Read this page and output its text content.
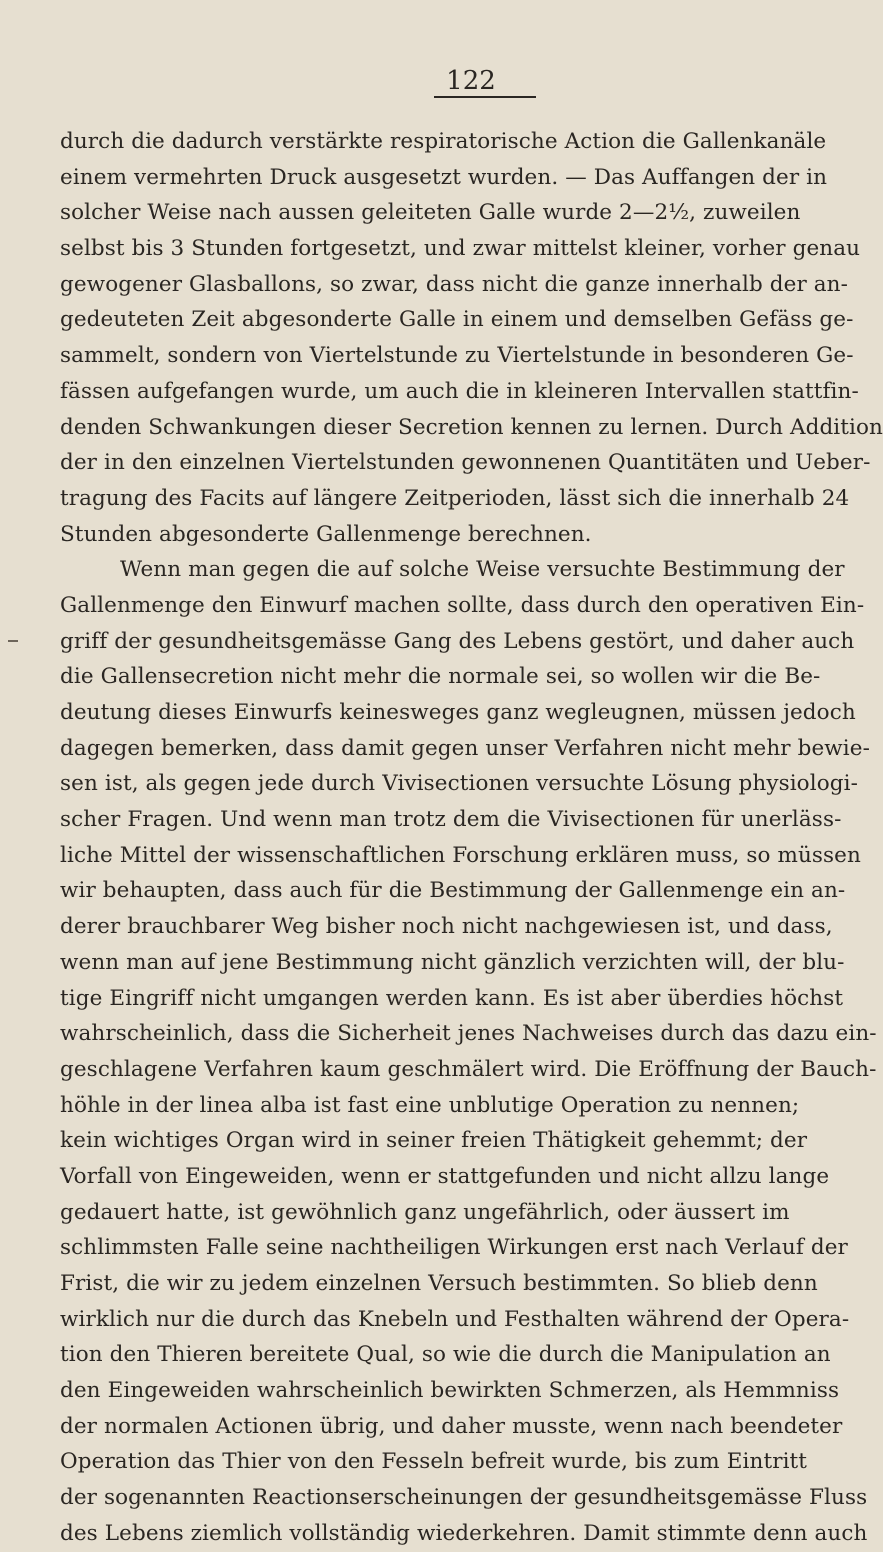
122
durch die dadurch verstärkte respiratorische Action die Gallenkanäle
einem vermehrten Druck ausgesetzt wurden. — Das Auffangen der in
solcher Weise nach aussen geleiteten Galle wurde 2—2½, zuweilen
selbst bis 3 Stunden fortgesetzt, und zwar mittelst kleiner, vorher genau
gewogener Glasballons, so zwar, dass nicht die ganze innerhalb der an-
gedeuteten Zeit abgesonderte Galle in einem und demselben Gefäss ge-
sammelt, sondern von Viertelstunde zu Viertelstunde in besonderen Ge-
fässen aufgefangen wurde, um auch die in kleineren Intervallen stattfin-
denden Schwankungen dieser Secretion kennen zu lernen. Durch Addition
der in den einzelnen Viertelstunden gewonnenen Quantitäten und Ueber-
tragung des Facits auf längere Zeitperioden, lässt sich die innerhalb 24
Stunden abgesonderte Gallenmenge berechnen.
Wenn man gegen die auf solche Weise versuchte Bestimmung der
Gallenmenge den Einwurf machen sollte, dass durch den operativen Ein-
griff der gesundheitsgemässe Gang des Lebens gestört, und daher auch
die Gallensecretion nicht mehr die normale sei, so wollen wir die Be-
deutung dieses Einwurfs keinesweges ganz wegleugnen, müssen jedoch
dagegen bemerken, dass damit gegen unser Verfahren nicht mehr bewie-
sen ist, als gegen jede durch Vivisectionen versuchte Lösung physiologi-
scher Fragen. Und wenn man trotz dem die Vivisectionen für unerläss-
liche Mittel der wissenschaftlichen Forschung erklären muss, so müssen
wir behaupten, dass auch für die Bestimmung der Gallenmenge ein an-
derer brauchbarer Weg bisher noch nicht nachgewiesen ist, und dass,
wenn man auf jene Bestimmung nicht gänzlich verzichten will, der blu-
tige Eingriff nicht umgangen werden kann. Es ist aber überdies höchst
wahrscheinlich, dass die Sicherheit jenes Nachweises durch das dazu ein-
geschlagene Verfahren kaum geschmälert wird. Die Eröffnung der Bauch-
höhle in der linea alba ist fast eine unblutige Operation zu nennen;
kein wichtiges Organ wird in seiner freien Thätigkeit gehemmt; der
Vorfall von Eingeweiden, wenn er stattgefunden und nicht allzu lange
gedauert hatte, ist gewöhnlich ganz ungefährlich, oder äussert im
schlimmsten Falle seine nachtheiligen Wirkungen erst nach Verlauf der
Frist, die wir zu jedem einzelnen Versuch bestimmten. So blieb denn
wirklich nur die durch das Knebeln und Festhalten während der Opera-
tion den Thieren bereitete Qual, so wie die durch die Manipulation an
den Eingeweiden wahrscheinlich bewirkten Schmerzen, als Hemmniss
der normalen Actionen übrig, und daher musste, wenn nach beendeter
Operation das Thier von den Fesseln befreit wurde, bis zum Eintritt
der sogenannten Reactionserscheinungen der gesundheitsgemässe Fluss
des Lebens ziemlich vollständig wiederkehren. Damit stimmte denn auch
